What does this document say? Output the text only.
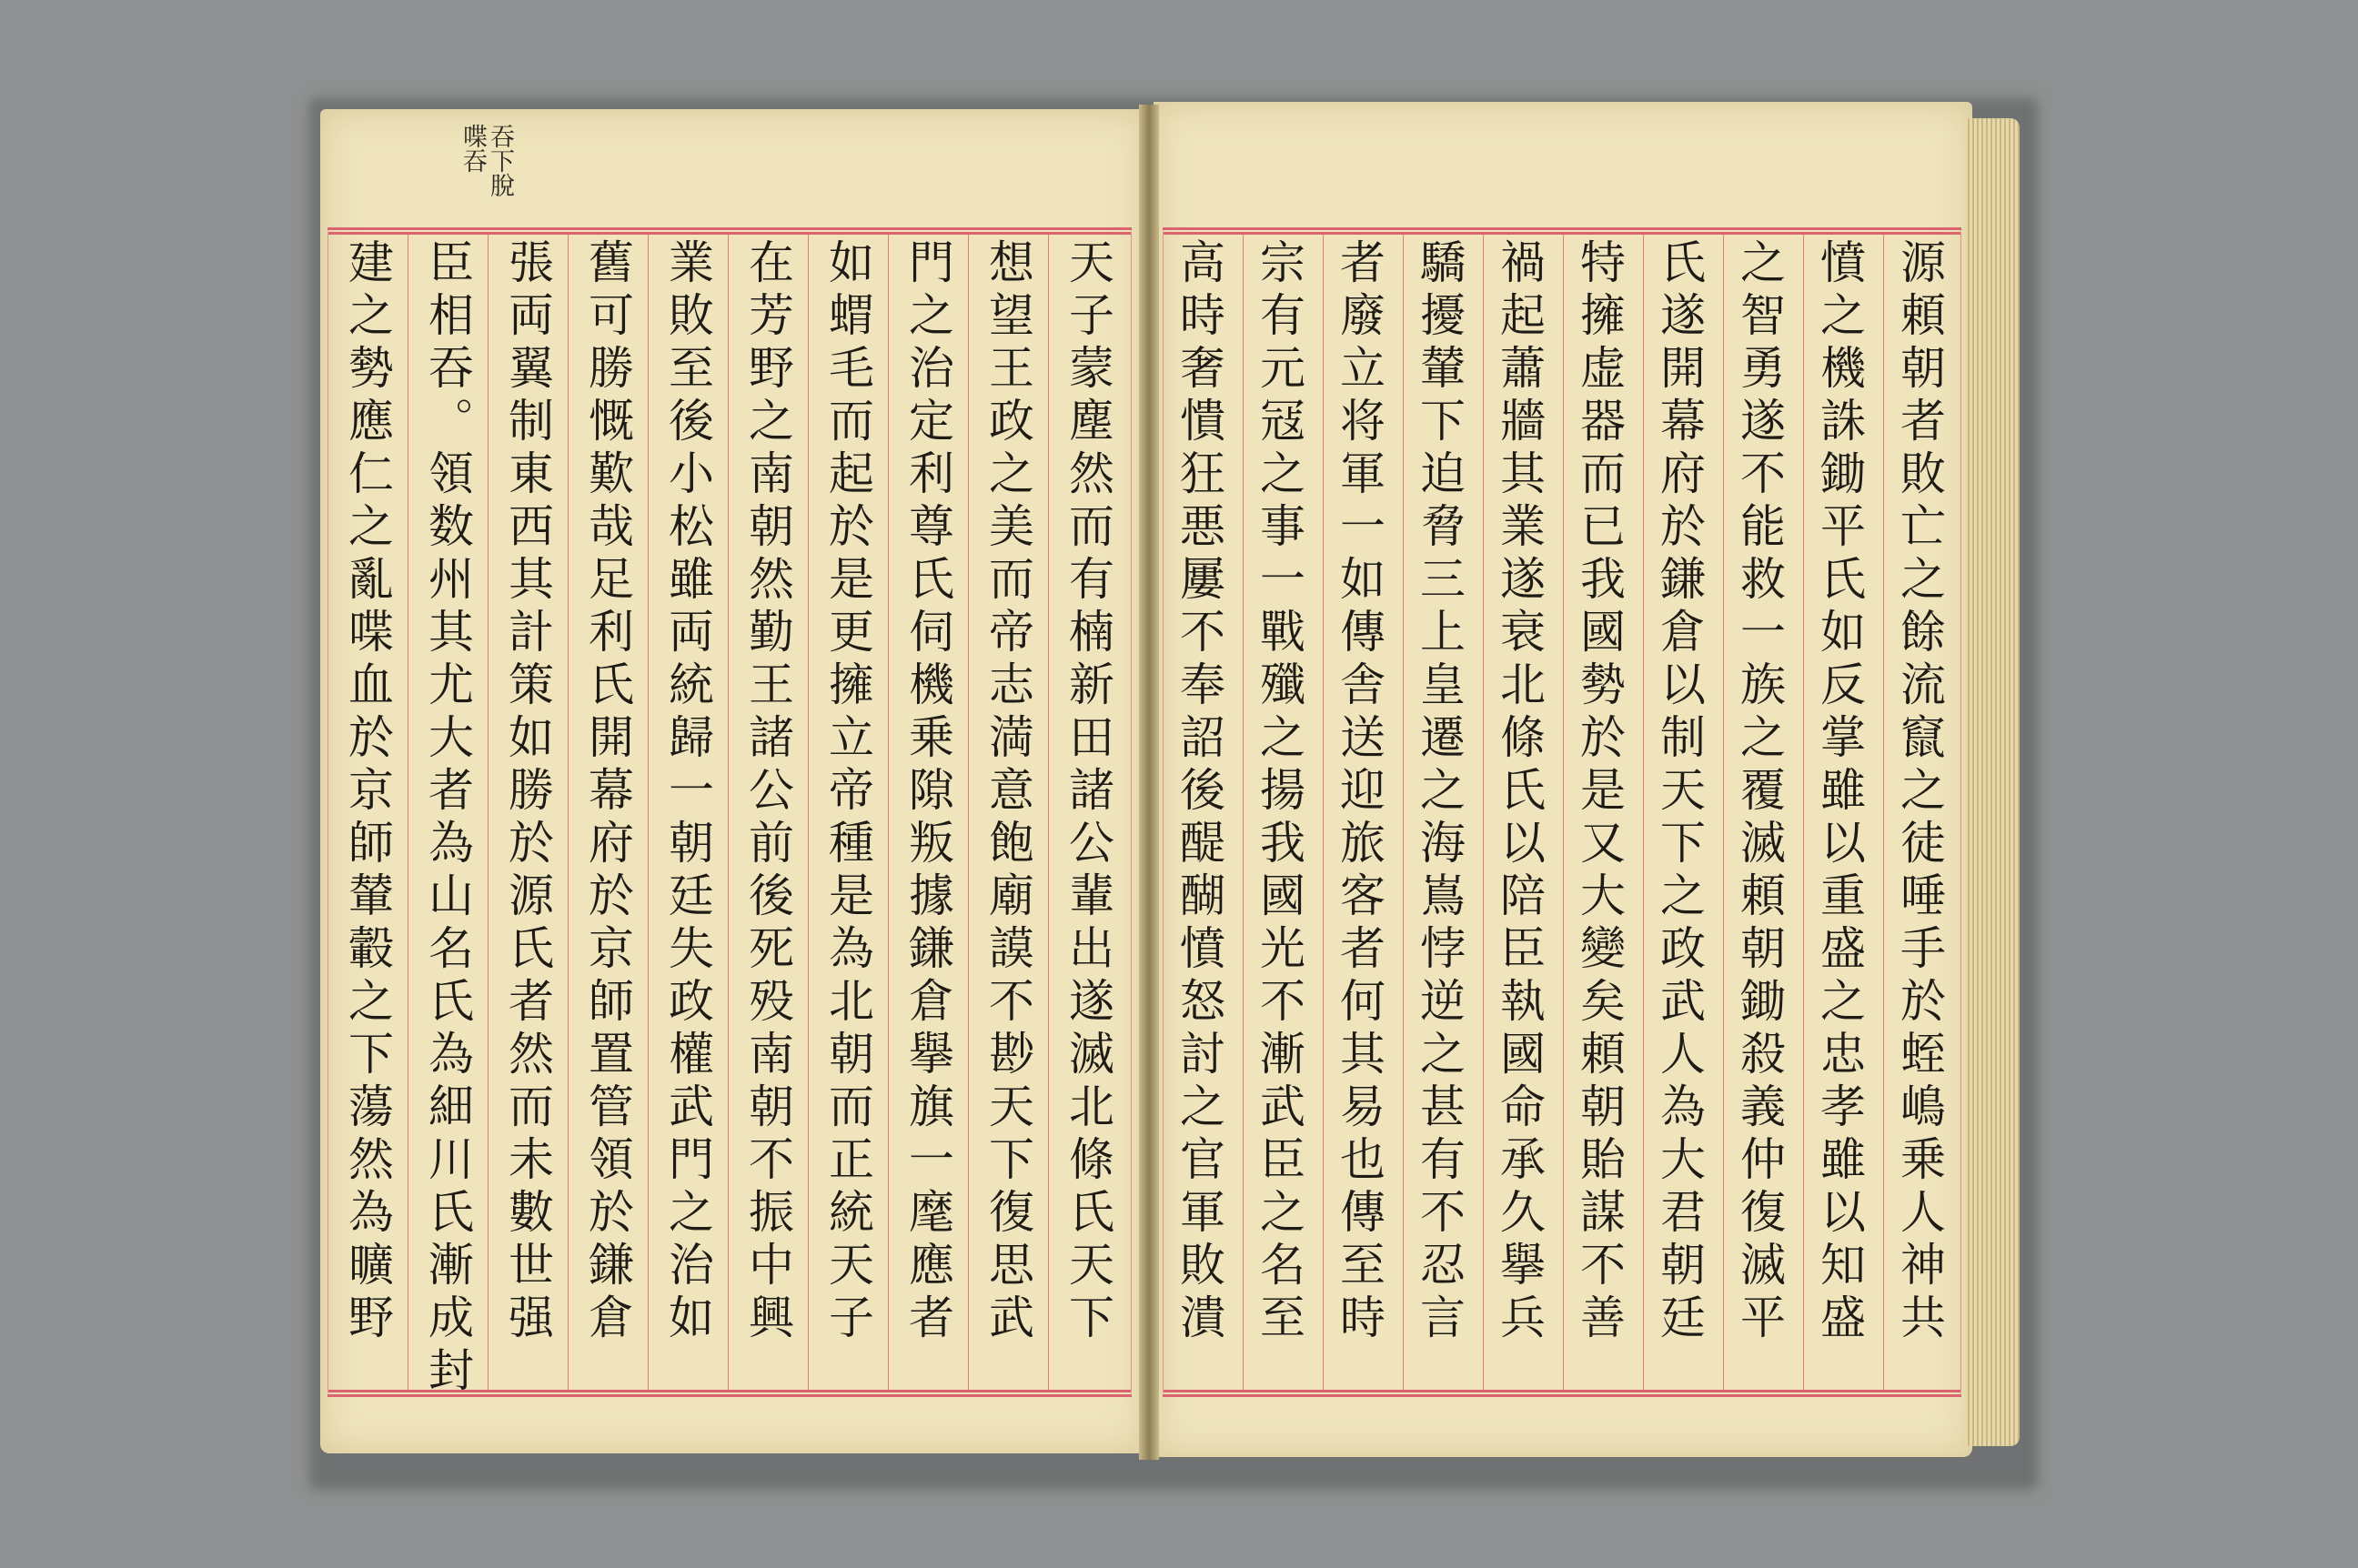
吞下脫
喋吞
天子蒙塵然而有楠新田諸公輩出遂滅北條氏天下
想望王政之美而帝志満意飽廟謨不尠天下復思武
門之治定利尊氏伺機乗隙叛據鎌倉擧旗一麾應者
如蝟毛而起於是更擁立帝種是為北朝而正統天子
在芳野之南朝然勤王諸公前後死殁南朝不振中興
業敗至後小松雖両統歸一朝廷失政權武門之治如
舊可勝慨歎哉足利氏開幕府於京師置管領於鎌倉
張両翼制東西其計策如勝於源氏者然而未數世强
臣相吞。領数州其尤大者為山名氏為細川氏漸成封
建之勢應仁之亂喋血於京師輦轂之下蕩然為曠野	源頼朝者敗亡之餘流竄之徒唾手於蛭嶋乗人神共
憤之機誅鋤平氏如反掌雖以重盛之忠孝雖以知盛
之智勇遂不能救一族之覆滅頼朝鋤殺義仲復滅平
氏遂開幕府於鎌倉以制天下之政武人為大君朝廷
特擁虚器而已我國勢於是又大變矣頼朝貽謀不善
禍起蕭牆其業遂衰北條氏以陪臣執國命承久擧兵
驕擾輦下迫脅三上皇遷之海嶌悖逆之甚有不忍言
者廢立将軍一如傳舎送迎旅客者何其易也傳至時
宗有元冦之事一戰殲之揚我國光不漸武臣之名至
高時奢憒狂悪屢不奉詔後醍醐憤怒討之官軍敗潰
